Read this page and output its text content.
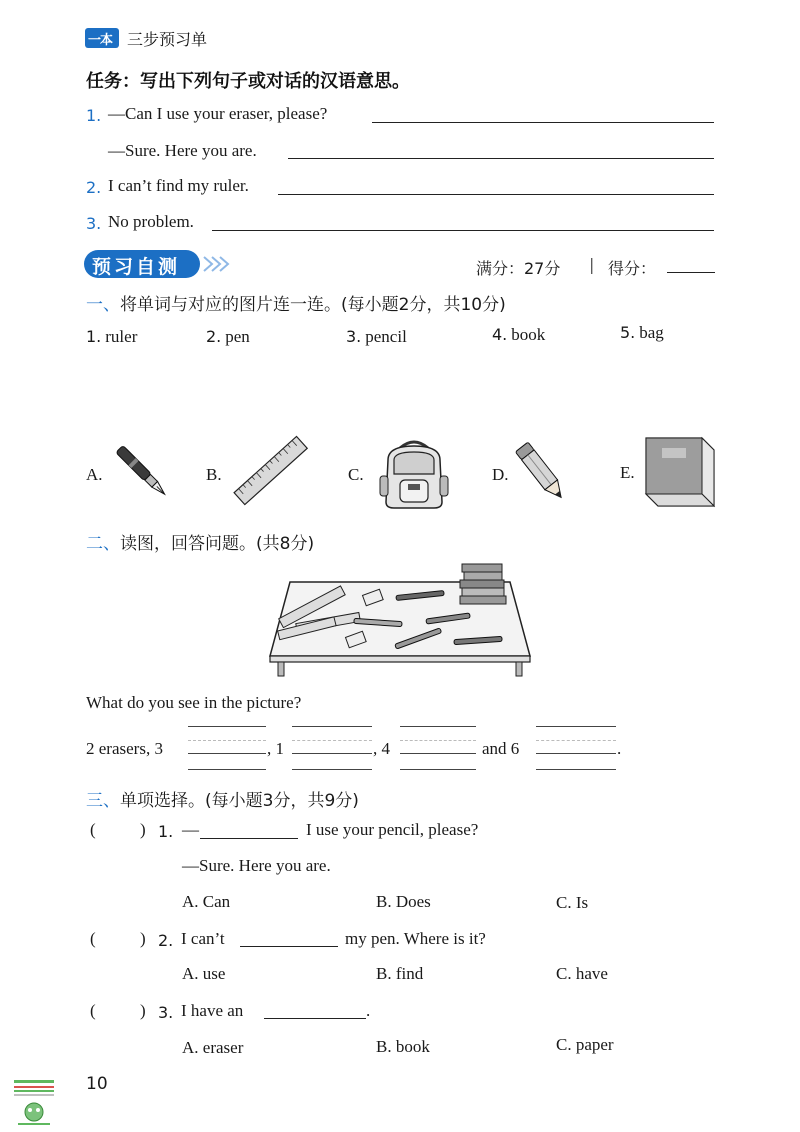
一本 三步预习单
任务：写出下列句子或对话的汉语意思。
1. —Can I use your eraser, please?
—Sure. Here you are.
2. I can’t find my ruler.
3. No problem.
预习自测	满分：27分 | 得分：
一、将单词与对应的图片连一连。(每小题2分，共10分)
1. ruler	2. pen	3. pencil	4. book	5. bag
A.	B.	C.	D.	E.
二、读图，回答问题。(共8分)
What do you see in the picture?
2 erasers, 3	, 1	, 4	and 6	.
三、单项选择。(每小题3分，共9分)
(	) 1. —	I use your pencil, please?
—Sure. Here you are.
A. Can	B. Does	C. Is
(	) 2. I can’t	my pen. Where is it?
A. use	B. find	C. have
(	) 3. I have an	.
A. eraser	B. book	C. paper
10
